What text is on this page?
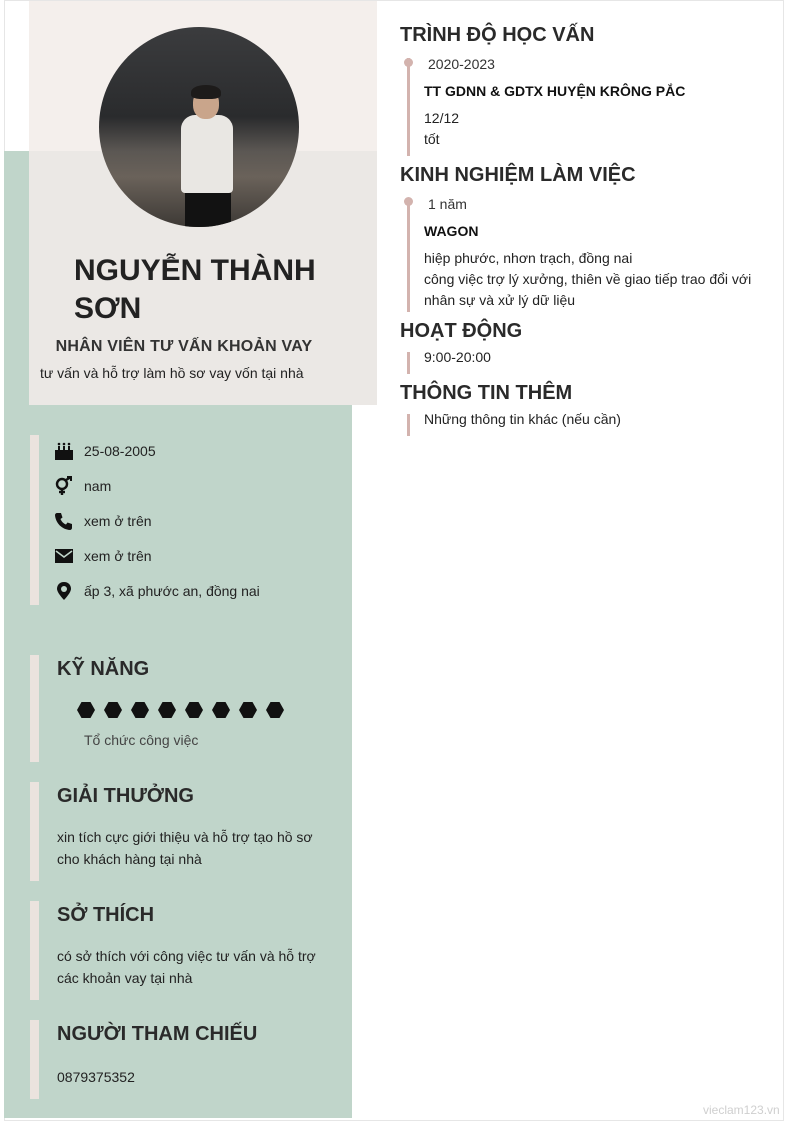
NGUYỄN THÀNH SƠN
NHÂN VIÊN TƯ VẤN KHOẢN VAY
tư vấn và hỗ trợ làm hồ sơ vay vốn tại nhà
25-08-2005
nam
xem ở trên
xem ở trên
ấp 3, xã phước an, đồng nai
KỸ NĂNG
Tổ chức công việc
GIẢI THƯỞNG
xin tích cực giới thiệu và hỗ trợ tạo hồ sơ cho khách hàng tại nhà
SỞ THÍCH
có sở thích với công việc tư vấn và hỗ trợ các khoản vay tại nhà
NGƯỜI THAM CHIẾU
0879375352
TRÌNH ĐỘ HỌC VẤN
2020-2023
TT GDNN & GDTX HUYỆN KRÔNG PẮC
12/12
tốt
KINH NGHIỆM LÀM VIỆC
1 năm
WAGON
hiệp phước, nhơn trạch, đồng nai
công việc trợ lý xưởng, thiên về giao tiếp trao đổi với nhân sự và xử lý dữ liệu
HOẠT ĐỘNG
9:00-20:00
THÔNG TIN THÊM
Những thông tin khác (nếu cần)
vieclam123.vn
